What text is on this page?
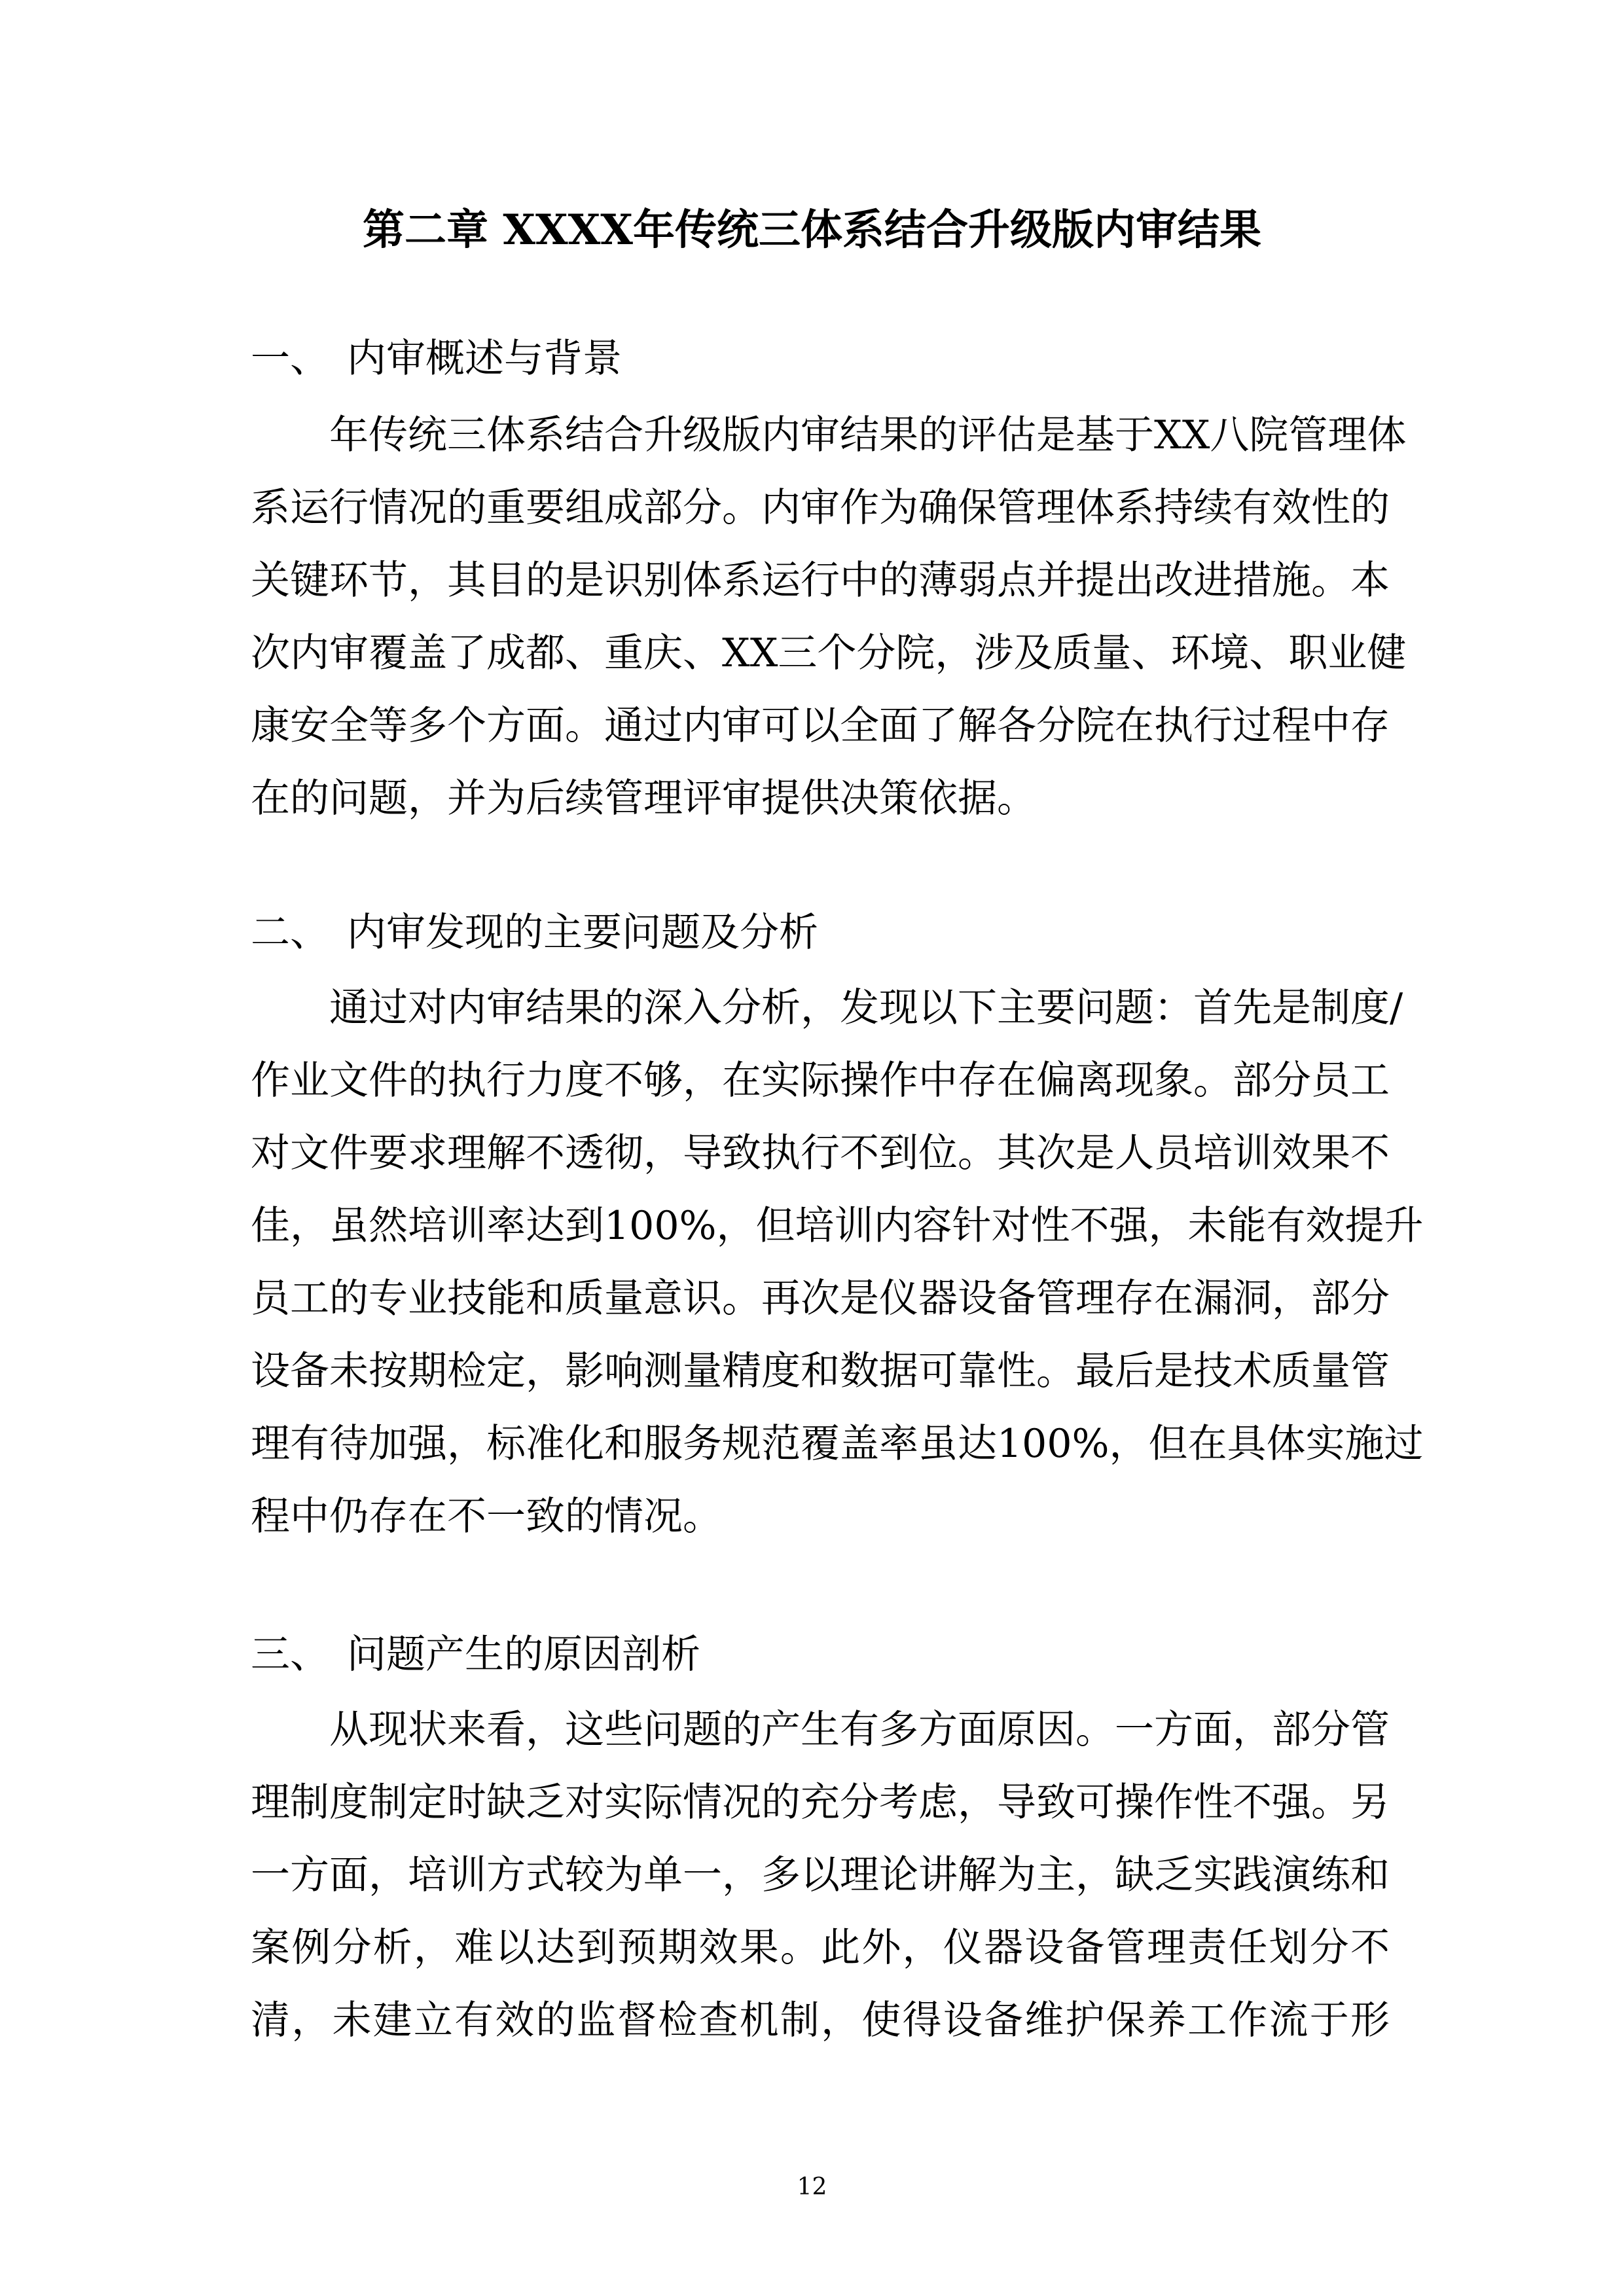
第二章 XXXX年传统三体系结合升级版内审结果
一、 内审概述与背景
年传统三体系结合升级版内审结果的评估是基于XX八院管理体
系运行情况的重要组成部分。内审作为确保管理体系持续有效性的
关键环节，其目的是识别体系运行中的薄弱点并提出改进措施。本
次内审覆盖了成都、重庆、XX三个分院，涉及质量、环境、职业健
康安全等多个方面。通过内审可以全面了解各分院在执行过程中存
在的问题，并为后续管理评审提供决策依据。
二、 内审发现的主要问题及分析
通过对内审结果的深入分析，发现以下主要问题：首先是制度/
作业文件的执行力度不够，在实际操作中存在偏离现象。部分员工
对文件要求理解不透彻，导致执行不到位。其次是人员培训效果不
佳，虽然培训率达到100%，但培训内容针对性不强，未能有效提升
员工的专业技能和质量意识。再次是仪器设备管理存在漏洞，部分
设备未按期检定，影响测量精度和数据可靠性。最后是技术质量管
理有待加强，标准化和服务规范覆盖率虽达100%，但在具体实施过
程中仍存在不一致的情况。
三、 问题产生的原因剖析
从现状来看，这些问题的产生有多方面原因。一方面，部分管
理制度制定时缺乏对实际情况的充分考虑，导致可操作性不强。另
一方面，培训方式较为单一，多以理论讲解为主，缺乏实践演练和
案例分析，难以达到预期效果。此外，仪器设备管理责任划分不
清，未建立有效的监督检查机制，使得设备维护保养工作流于形
12
